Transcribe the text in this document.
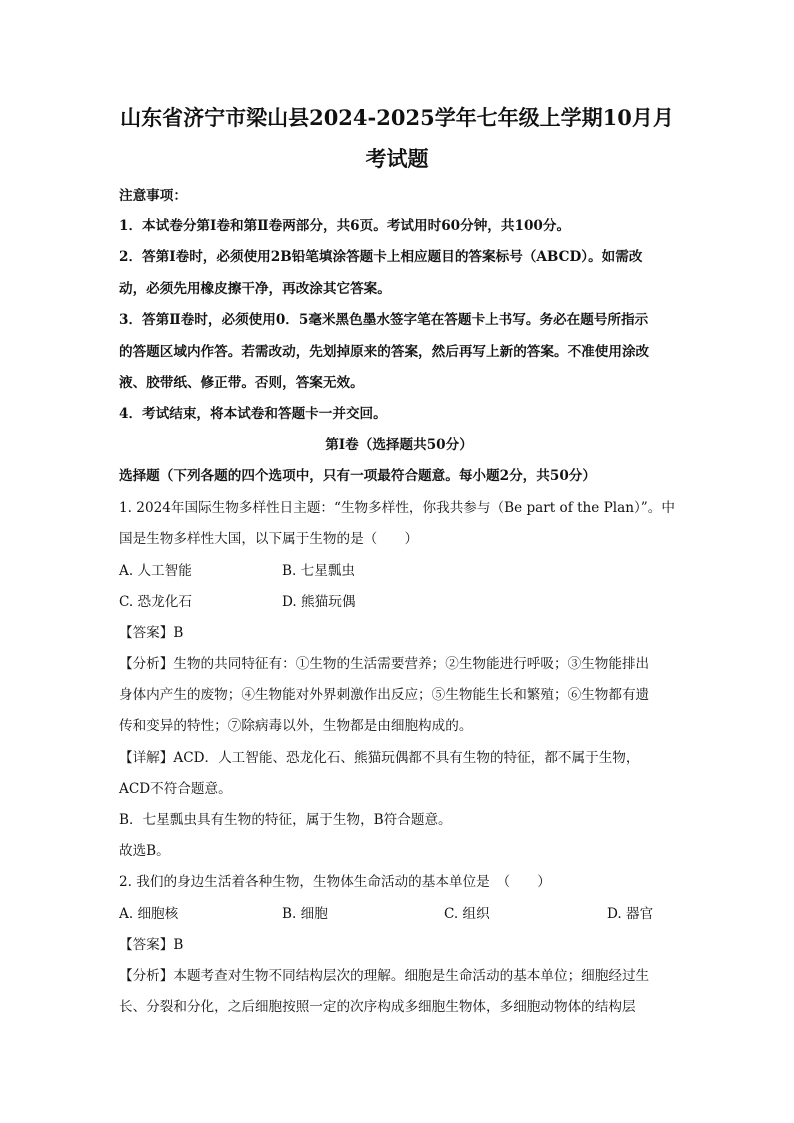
山东省济宁市梁山县2024-2025学年七年级上学期10月月
考试题
注意事项：
1．本试卷分第Ⅰ卷和第Ⅱ卷两部分，共6页。考试用时60分钟，共100分。
2．答第Ⅰ卷时，必须使用2B铅笔填涂答题卡上相应题目的答案标号（ABCD）。如需改
动，必须先用橡皮擦干净，再改涂其它答案。
3．答第Ⅱ卷时，必须使用0．5毫米黑色墨水签字笔在答题卡上书写。务必在题号所指示
的答题区域内作答。若需改动，先划掉原来的答案，然后再写上新的答案。不准使用涂改
液、胶带纸、修正带。否则，答案无效。
4．考试结束，将本试卷和答题卡一并交回。
第Ⅰ卷（选择题共50分）
选择题（下列各题的四个选项中，只有一项最符合题意。每小题2分，共50分）
1. 2024年国际生物多样性日主题：“生物多样性，你我共参与（Be part of the Plan）”。中
国是生物多样性大国，以下属于生物的是（　　）
A. 人工智能	B. 七星瓢虫
C. 恐龙化石	D. 熊猫玩偶
【答案】B
【分析】生物的共同特征有：①生物的生活需要营养；②生物能进行呼吸；③生物能排出
身体内产生的废物；④生物能对外界刺激作出反应；⑤生物能生长和繁殖；⑥生物都有遗
传和变异的特性；⑦除病毒以外，生物都是由细胞构成的。
【详解】ACD．人工智能、恐龙化石、熊猫玩偶都不具有生物的特征，都不属于生物，
ACD不符合题意。
B．七星瓢虫具有生物的特征，属于生物，B符合题意。
故选B。
2. 我们的身边生活着各种生物，生物体生命活动的基本单位是　（　　）
A. 细胞核	B. 细胞	C. 组织	D. 器官
【答案】B
【分析】本题考查对生物不同结构层次的理解。细胞是生命活动的基本单位；细胞经过生
长、分裂和分化，之后细胞按照一定的次序构成多细胞生物体，多细胞动物体的结构层
